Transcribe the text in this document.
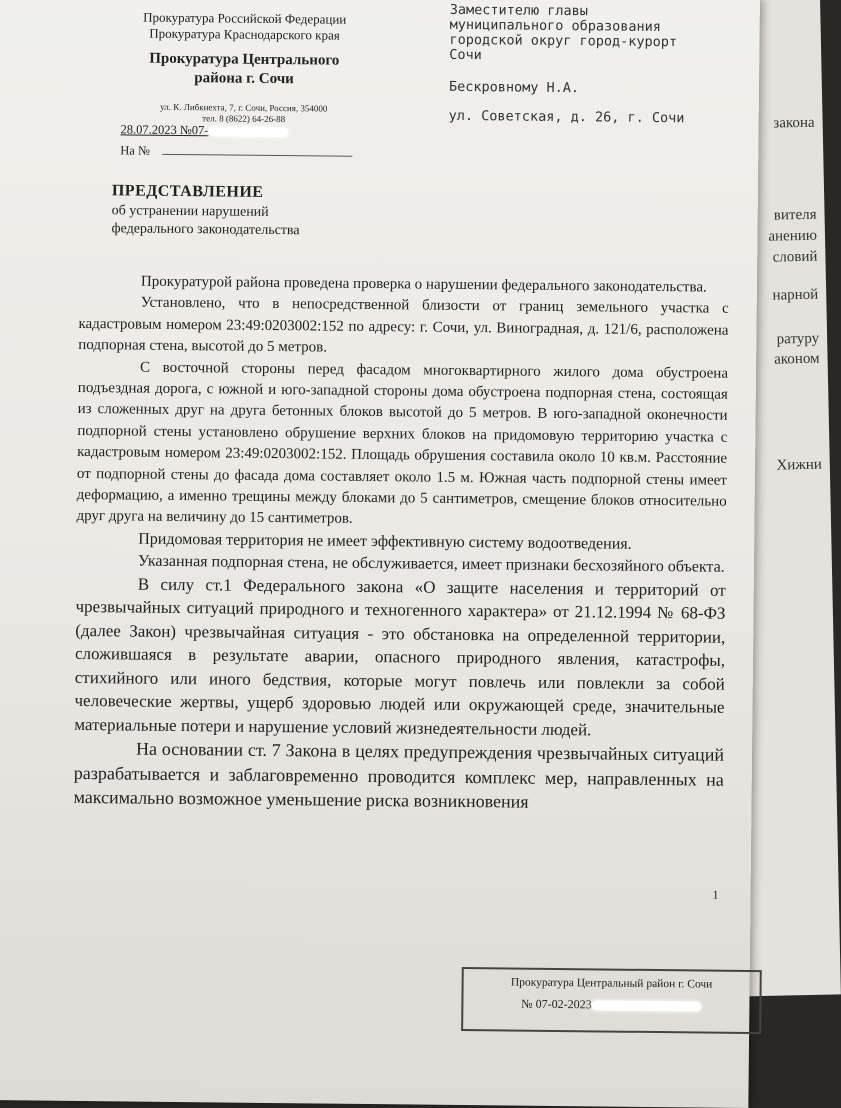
закона
вителя
анению
словий
нарной
ратуру
аконом
Хижни
Прокуратура Российской Федерации
Прокуратура Краснодарского края
Прокуратура Центрального
района г. Сочи
ул. К. Либкнехта, 7, г. Сочи, Россия, 354000
тел. 8 (8622) 64-26-88
Заместителю главы
муниципального образования
городской округ город-курорт
Сочи
Бескровному Н.А.
ул. Советская, д. 26, г. Сочи
28.07.2023 №07-
На №
ПРЕДСТАВЛЕНИЕ
об устранении нарушений
федерального законодательства

Прокуратурой района проведена проверка о нарушении федерального законодательства.

Установлено, что в непосредственной близости от границ земельного участка с кадастровым номером 23:49:0203002:152 по адресу: г. Сочи, ул. Виноградная, д. 121/6, расположена подпорная стена, высотой до 5 метров.

С восточной стороны перед фасадом многоквартирного жилого дома обустроена подъездная дорога, с южной и юго-западной стороны дома обустроена подпорная стена, состоящая из сложенных друг на друга бетонных блоков высотой до 5 метров. В юго-западной оконечности подпорной стены установлено обрушение верхних блоков на придомовую территорию участка с кадастровым номером 23:49:0203002:152. Площадь обрушения составила около 10 кв.м. Расстояние от подпорной стены до фасада дома составляет около 1.5 м. Южная часть подпорной стены имеет деформацию, а именно трещины между блоками до 5 сантиметров, смещение блоков относительно друг друга на величину до 15 сантиметров.

Придомовая территория не имеет эффективную систему водоотведения.

Указанная подпорная стена, не обслуживается, имеет признаки бесхозяйного объекта.

В силу ст.1 Федерального закона «О защите населения и территорий от чрезвычайных ситуаций природного и техногенного характера» от 21.12.1994 № 68-ФЗ (далее Закон) чрезвычайная ситуация - это обстановка на определенной территории, сложившаяся в результате аварии, опасного природного явления, катастрофы, стихийного или иного бедствия, которые могут повлечь или повлекли за собой человеческие жертвы, ущерб здоровью людей или окружающей среде, значительные материальные потери и нарушение условий жизнедеятельности людей.

На основании ст. 7 Закона в целях предупреждения чрезвычайных ситуаций разрабатывается и заблаговременно проводится комплекс мер, направленных на максимально возможное уменьшение риска возникновения

1
Прокуратура Центральный район г. Сочи
№ 07-02-2023
